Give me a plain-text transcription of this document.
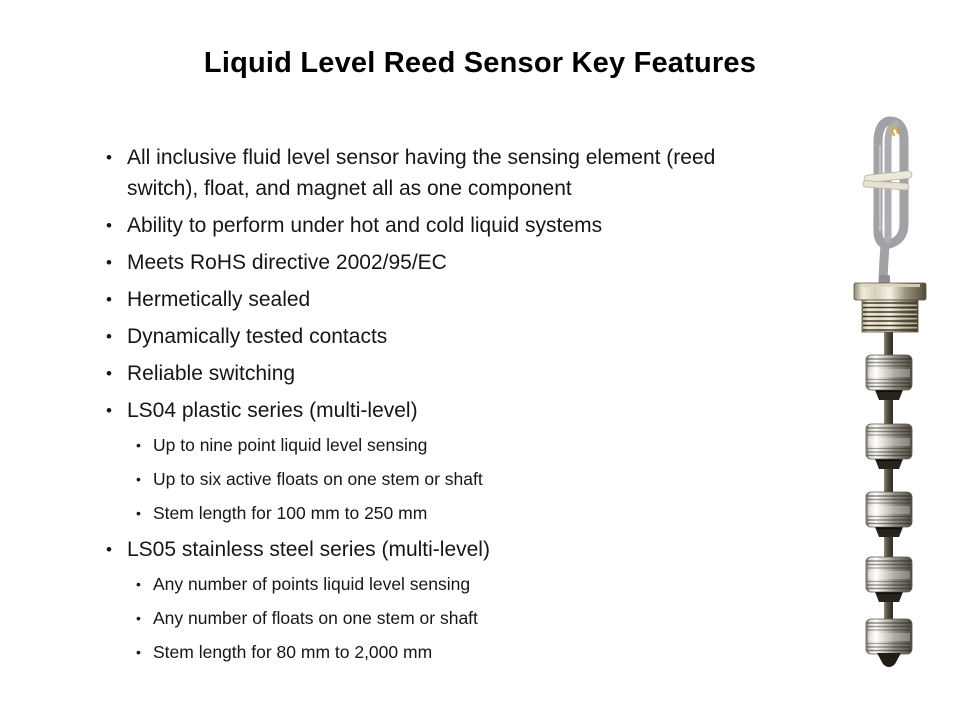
Liquid Level Reed Sensor Key Features
• All inclusive fluid level sensor having the sensing element (reed switch), float, and magnet all as one component
• Ability to perform under hot and cold liquid systems
• Meets RoHS directive 2002/95/EC
• Hermetically sealed
• Dynamically tested contacts
• Reliable switching
• LS04 plastic series (multi-level)
• Up to nine point liquid level sensing
• Up to six active floats on one stem or shaft
• Stem length for 100 mm to 250 mm
• LS05 stainless steel series (multi-level)
• Any number of points liquid level sensing
• Any number of floats on one stem or shaft
• Stem length for 80 mm to 2,000 mm
